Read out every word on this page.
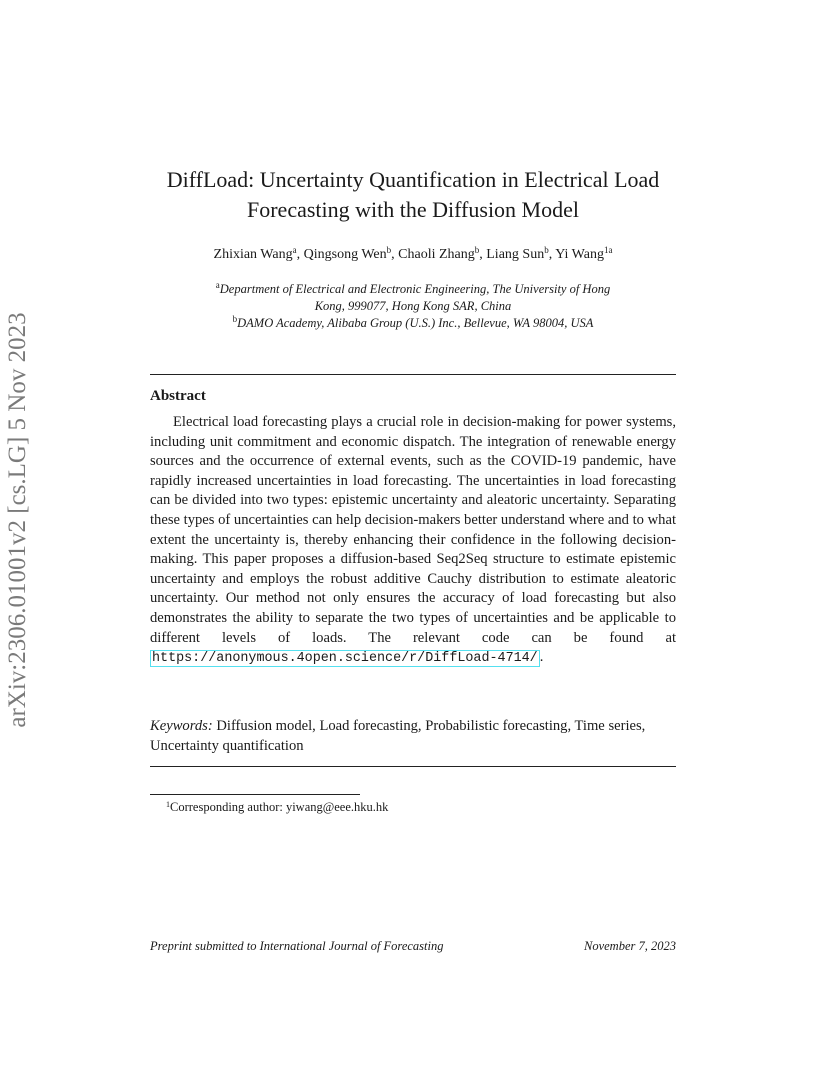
arXiv:2306.01001v2 [cs.LG] 5 Nov 2023
DiffLoad: Uncertainty Quantification in Electrical Load
Forecasting with the Diffusion Model
Zhixian Wang$^a$, Qingsong Wen$^b$, Chaoli Zhang$^b$, Liang Sun$^b$, Yi Wang$^{1a}$
$^a$Department of Electrical and Electronic Engineering, The University of Hong
Kong, 999077, Hong Kong SAR, China
$^b$DAMO Academy, Alibaba Group (U.S.) Inc., Bellevue, WA 98004, USA
Abstract

Electrical load forecasting plays a crucial role in decision-making for power systems, including unit commitment and economic dispatch. The integration of renewable energy sources and the occurrence of external events, such as the COVID-19 pandemic, have rapidly increased uncertainties in load forecasting. The uncertainties in load forecasting can be divided into two types: epistemic uncertainty and aleatoric uncertainty. Separating these types of uncertainties can help decision-makers better understand where and to what extent the uncertainty is, thereby enhancing their confidence in the following decision-making. This paper proposes a diffusion-based Seq2Seq structure to estimate epistemic uncertainty and employs the robust additive Cauchy distribution to estimate aleatoric uncertainty. Our method not only ensures the accuracy of load forecasting but also demonstrates the ability to separate the two types of uncertainties and be applicable to different levels of loads. The relevant code can be found at https://anonymous.4open.science/r/DiffLoad-4714/ .

Keywords: Diffusion model, Load forecasting, Probabilistic forecasting, Time series, Uncertainty quantification
$^1$Corresponding author: yiwang@eee.hku.hk
Preprint submitted to International Journal of Forecasting	November 7, 2023
